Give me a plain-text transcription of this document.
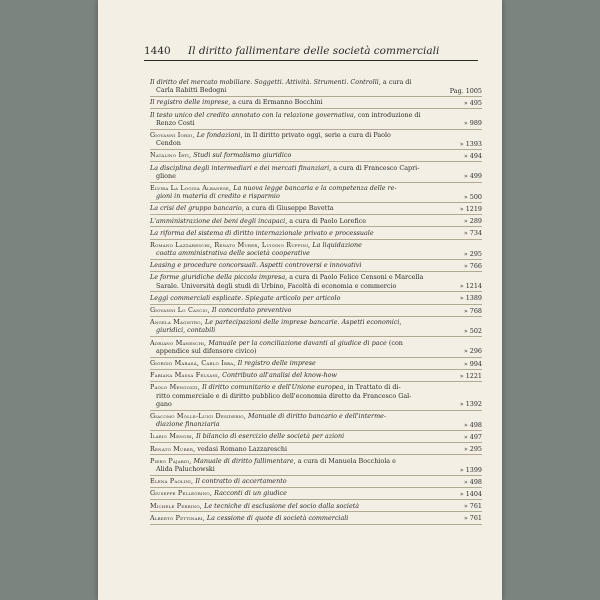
1440 Il diritto fallimentare delle società commerciali
Il diritto del mercato mobiliare. Soggetti. Attività. Strumenti. Controlli, a cura di
Carla Rabitti Bedogni	Pag. 1005
Il registro delle imprese, a cura di Ermanno Bocchini	» 495
Il testo unico del credito annotato con la relazione governativa, con introduzione di
Renzo Costi	» 989
Giovanni Iorio, Le fondazioni, in Il diritto privato oggi, serie a cura di Paolo
Cendon	» 1393
Natalino Irti, Studi sul formalismo giuridico	» 494
La disciplina degli intermediari e dei mercati finanziari, a cura di Francesco Capri-
glione	» 499
Elvira La Loggia Albanese, La nuova legge bancaria e la competenza delle re-
gioni in materia di credito e risparmio	» 500
La crisi del gruppo bancario, a cura di Giuseppe Bavetta	» 1219
L'amministrazione dei beni degli incapaci, a cura di Paolo Lorefice	» 289
La riforma del sistema di diritto internazionale privato e processuale	» 734
Romano Lazzareschi, Renato Murer, Luigino Ruffini, La liquidazione
coatta amministrativa delle società cooperative	» 295
Leasing e procedure concorsuali. Aspetti controversi e innovativi	» 766
Le forme giuridiche della piccola impresa, a cura di Paolo Felice Censoni e Marcella
Sarale. Università degli studi di Urbino, Facoltà di economia e commercio	» 1214
Leggi commerciali esplicate. Spiegate articolo per articolo	» 1389
Giovanni Lo Cascio, Il concordato preventivo	» 768
Angela Magistro, Le partecipazioni delle imprese bancarie. Aspetti economici,
giuridici, contabili	» 502
Adriano Maneschi, Manuale per la conciliazione davanti al giudice di pace (con
appendice sul difensore civico)	» 296
Giorgio Marasà, Carlo Ibba, Il registro delle imprese	» 994
Fabiana Massa Felsani, Contributo all'analisi del know-how	» 1221
Paolo Mengozzi, Il diritto comunitario e dell'Unione europea, in Trattato di di-
ritto commerciale e di diritto pubblico dell'economia diretto da Francesco Gal-
gano	» 1392
Giacomo Molle-Luigi Desiderio, Manuale di diritto bancario e dell'interme-
diazione finanziaria	» 498
Ilario Menghi, Il bilancio di esercizio delle società per azioni	» 497
Renato Murer, vedasi Romano Lazzareschi	» 295
Piero Pajardi, Manuale di diritto fallimentare, a cura di Manuela Bocchiola e
Alida Paluchowski	» 1399
Elena Paolini, Il contratto di accertamento	» 498
Giuseppe Pellegrino, Racconti di un giudice	» 1404
Michele Perrino, Le tecniche di esclusione del socio dalla società	» 761
Alberto Pettinari, La cessione di quote di società commerciali	» 761
